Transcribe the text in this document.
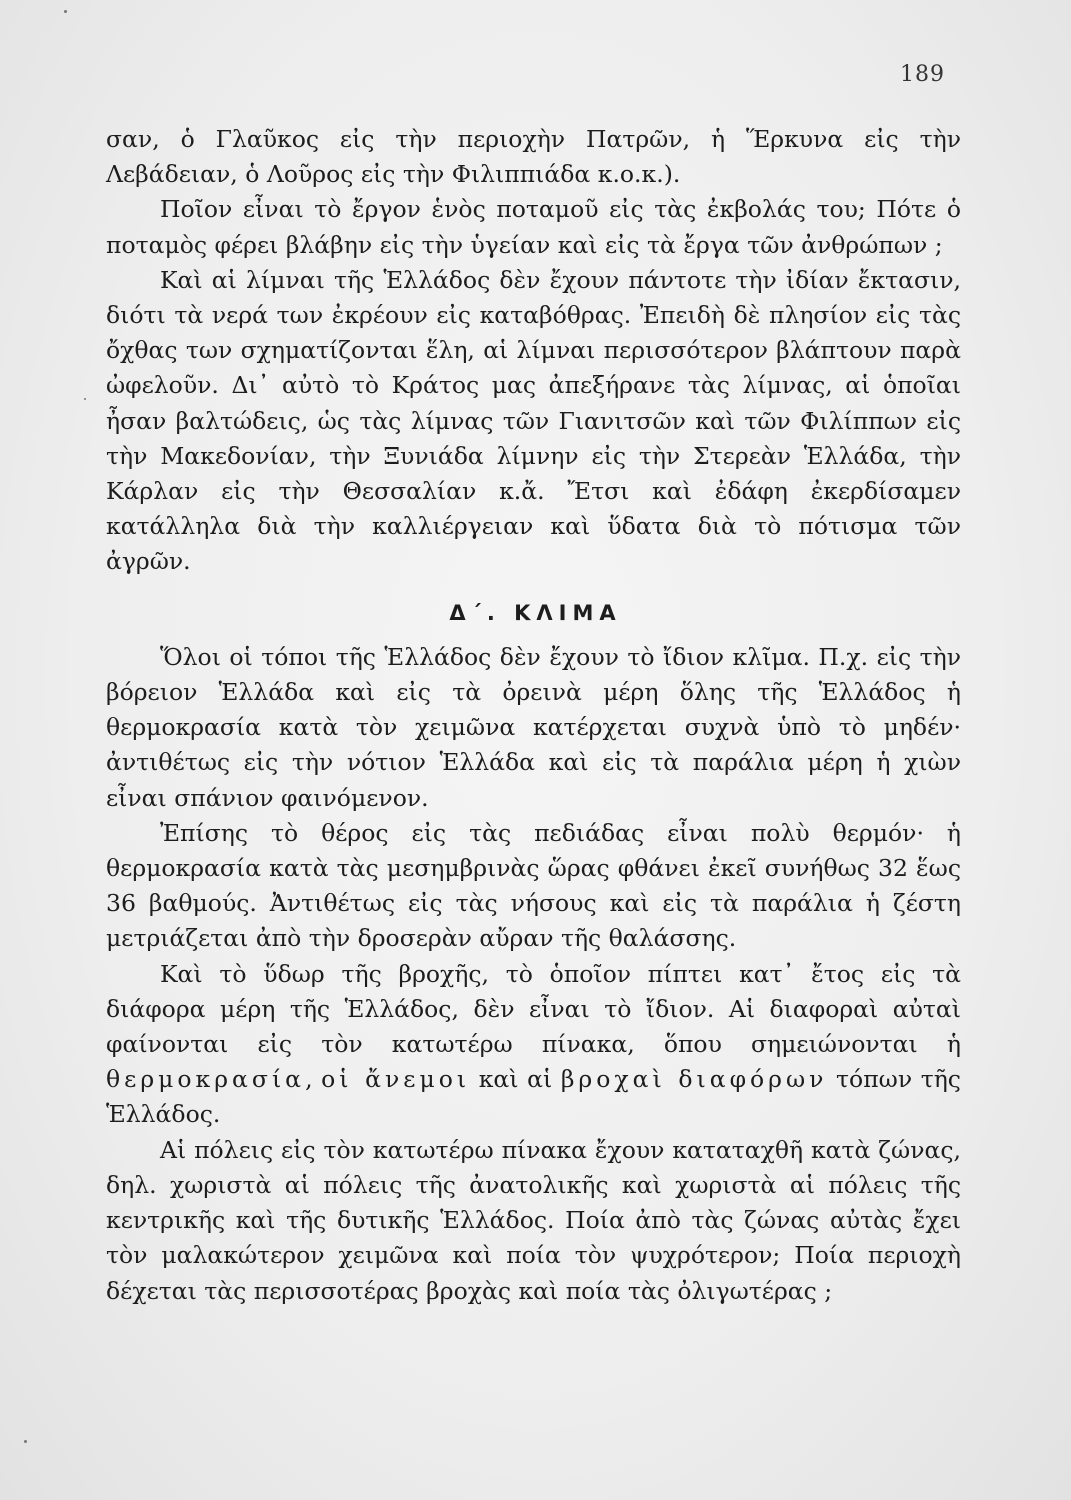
189

σαν, ὁ Γλαῦκος εἰς τὴν περιοχὴν Πατρῶν, ἡ Ἕρκυνα εἰς τὴν Λεβάδειαν, ὁ Λοῦρος εἰς τὴν Φιλιππιάδα κ.ο.κ.).

Ποῖον εἶναι τὸ ἔργον ἑνὸς ποταμοῦ εἰς τὰς ἐκβολάς του; Πότε ὁ ποταμὸς φέρει βλάβην εἰς τὴν ὑγείαν καὶ εἰς τὰ ἔργα τῶν ἀνθρώπων ;

Καὶ αἱ λίμναι τῆς Ἑλλάδος δὲν ἔχουν πάντοτε τὴν ἰδίαν ἔκτασιν, διότι τὰ νερά των ἐκρέουν εἰς καταβόθρας. Ἐπειδὴ δὲ πλησίον εἰς τὰς ὄχθας των σχηματίζονται ἕλη, αἱ λίμναι περισσότερον βλάπτουν παρὰ ὠφελοῦν. Δι᾽ αὐτὸ τὸ Κράτος μας ἀπεξήρανε τὰς λίμνας, αἱ ὁποῖαι ἦσαν βαλτώδεις, ὡς τὰς λίμνας τῶν Γιανιτσῶν καὶ τῶν Φιλίππων εἰς τὴν Μακεδονίαν, τὴν Ξυνιάδα λίμνην εἰς τὴν Στερεὰν Ἑλλάδα, τὴν Κάρλαν εἰς τὴν Θεσσαλίαν κ.ἄ. Ἔτσι καὶ ἐδάφη ἐκερδίσαμεν κατάλληλα διὰ τὴν καλλιέργειαν καὶ ὕδατα διὰ τὸ πότισμα τῶν ἀγρῶν.

Δ΄. ΚΛΙΜΑ

Ὅλοι οἱ τόποι τῆς Ἑλλάδος δὲν ἔχουν τὸ ἴδιον κλῖμα. Π.χ. εἰς τὴν βόρειον Ἑλλάδα καὶ εἰς τὰ ὀρεινὰ μέρη ὅλης τῆς Ἑλλάδος ἡ θερμοκρασία κατὰ τὸν χειμῶνα κατέρχεται συχνὰ ὑπὸ τὸ μηδέν· ἀντιθέτως εἰς τὴν νότιον Ἑλλάδα καὶ εἰς τὰ παράλια μέρη ἡ χιὼν εἶναι σπάνιον φαινόμενον.

Ἐπίσης τὸ θέρος εἰς τὰς πεδιάδας εἶναι πολὺ θερμόν· ἡ θερμοκρασία κατὰ τὰς μεσημβρινὰς ὥρας φθάνει ἐκεῖ συνήθως 32 ἕως 36 βαθμούς. Ἀντιθέτως εἰς τὰς νήσους καὶ εἰς τὰ παράλια ἡ ζέστη μετριάζεται ἀπὸ τὴν δροσερὰν αὔραν τῆς θαλάσσης.

Καὶ τὸ ὕδωρ τῆς βροχῆς, τὸ ὁποῖον πίπτει κατ᾽ ἔτος εἰς τὰ διάφορα μέρη τῆς Ἑλλάδος, δὲν εἶναι τὸ ἴδιον. Αἱ διαφοραὶ αὐταὶ φαίνονται εἰς τὸν κατωτέρω πίνακα, ὅπου σημειώνονται ἡ θερμοκρασία, οἱ ἄνεμοι καὶ αἱ βροχαὶ διαφόρων τόπων τῆς Ἑλλάδος.

Αἱ πόλεις εἰς τὸν κατωτέρω πίνακα ἔχουν καταταχθῆ κατὰ ζώνας, δηλ. χωριστὰ αἱ πόλεις τῆς ἀνατολικῆς καὶ χωριστὰ αἱ πόλεις τῆς κεντρικῆς καὶ τῆς δυτικῆς Ἑλλάδος. Ποία ἀπὸ τὰς ζώνας αὐτὰς ἔχει τὸν μαλακώτερον χειμῶνα καὶ ποία τὸν ψυχρότερον; Ποία περιοχὴ δέχεται τὰς περισσοτέρας βροχὰς καὶ ποία τὰς ὀλιγωτέρας ;
